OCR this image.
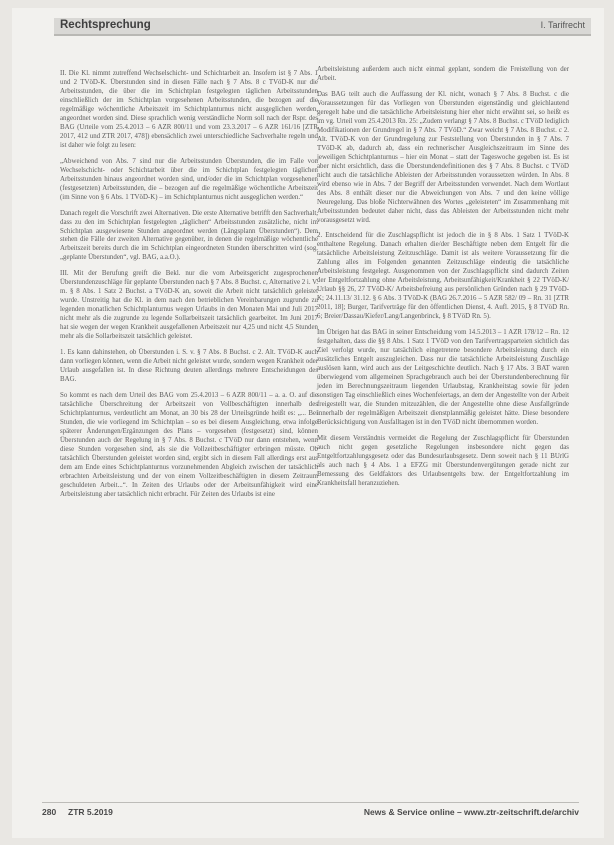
Rechtsprechung	I. Tarifrecht

II. Die Kl. nimmt zutreffend Wechselschicht- und Schichtarbeit an. Insofern ist § 7 Abs. 1 und 2 TVöD-K. Überstunden sind in diesen Fälle nach § 7 Abs. 8 c TVöD-K nur die Arbeitsstunden, die über die im Schichtplan festgelegten täglichen Arbeitsstunden einschließlich der im Schichtplan vorgesehenen Arbeitsstunden, die bezogen auf die regelmäßige wöchentliche Arbeitszeit im Schichtplanturnus nicht ausgeglichen werden, angeordnet worden sind. Diese sprachlich wenig verständliche Norm soll nach der Rspr. des BAG (Urteile vom 25.4.2013 – 6 AZR 800/11 und vom 23.3.2017 – 6 AZR 161/16 [ZTR 2017, 412 und ZTR 2017, 478]) ebensächlich zwei unterschiedliche Sachverhalte regeln und ist daher wie folgt zu lesen:

„Abweichend von Abs. 7 sind nur die Arbeitsstunden Überstunden, die im Falle von Wechselschicht- oder Schichtarbeit über die im Schichtplan festgelegten täglichen Arbeitsstunden hinaus angeordnet worden sind, und/oder die im Schichtplan vorgesehenen (festgesetzten) Arbeitsstunden, die – bezogen auf die regelmäßige wöchentliche Arbeitszeit (im Sinne von § 6 Abs. 1 TVöD-K) – im Schichtplanturnus nicht ausgeglichen werden.“

Danach regelt die Vorschrift zwei Alternativen. Die erste Alternative betrifft den Sachverhalt, dass zu den im Schichtplan festgelegten „täglichen“ Arbeitsstunden zusätzliche, nicht im Schichtplan ausgewiesene Stunden angeordnet werden (Längsplann Überstunden“). Dem stehen die Fälle der zweiten Alternative gegenüber, in denen die regelmäßige wöchentliche Arbeitszeit bereits durch die im Schichtplan eingeordneten Stunden überschritten wird (sog. „geplante Überstunden“, vgl. BAG, a.a.O.).

III. Mit der Berufung greift die Bekl. nur die vom Arbeitsgericht zugesprochenen Überstundenzuschläge für geplante Überstunden nach § 7 Abs. 8 Buchst. c, Alternative 2 i. V. m. § 8 Abs. 1 Satz 2 Buchst. a TVöD-K an, soweit die Arbeit nicht tatsächlich geleistet wurde. Unstreitig hat die Kl. in dem nach den betrieblichen Vereinbarungen zugrunde zu legenden monatlichen Schichtplanturnus wegen Urlaubs in den Monaten Mai und Juli 2017 nicht mehr als die zugrunde zu legende Sollarbeitszeit tatsächlich gearbeitet. Im Juni 2017 hat sie wegen der wegen Krankheit ausgefallenen Arbeitszeit nur 4,25 und nicht 4,5 Stunden mehr als die Sollarbeitszeit tatsächlich geleistet.

1. Es kann dahinstehen, ob Überstunden i. S. v. § 7 Abs. 8 Buchst. c 2. Alt. TVöD-K auch dann vorliegen können, wenn die Arbeit nicht geleistet wurde, sondern wegen Krankheit oder Urlaub ausgefallen ist. In diese Richtung deuten allerdings mehrere Entscheidungen des BAG.

So kommt es nach dem Urteil des BAG vom 25.4.2013 – 6 AZR 800/11 – a. a. O. auf die tatsächliche Überschreitung der Arbeitszeit von Vollbeschäftigten innerhalb des Schichtplanturnus, verdeutlicht am Monat, an 30 bis 28 der Urteilsgründe heißt es: „... Bei Stunden, die wie vorliegend im Schichtplan – so es bei diesem Ausgleichung, etwa infolge späterer Änderungen/Ergänzungen des Plans – vorgesehen (festgesetzt) sind, können Überstunden auch der Regelung in § 7 Abs. 8 Buchst. c TVöD nur dann entstehen, wenn diese Stunden vorgesehen sind, als sie die Vollzeitbeschäftigter erbringen müsste. Ob tatsächlich Überstunden geleistet worden sind, ergibt sich in diesem Fall allerdings erst aus dem am Ende eines Schichtplanturnus vorzunehmenden Abgleich zwischen der tatsächlich erbrachten Arbeitsleistung und der von einem Vollzeitbeschäftigten in diesem Zeitraum geschuldeten Arbeit...“. In Zeiten des Urlaubs oder der Arbeitsunfähigkeit wird eine Arbeitsleistung aber tatsächlich nicht erbracht. Für Zeiten des Urlaubs ist eine

Arbeitsleistung außerdem auch nicht einmal geplant, sondern die Freistellung von der Arbeit.

Das BAG teilt auch die Auffassung der Kl. nicht, wonach § 7 Abs. 8 Buchst. c die Voraussetzungen für das Vorliegen von Überstunden eigenständig und gleichlautend geregelt habe und die tatsächliche Arbeitsleistung hier eher nicht erwähnt sei, so heißt es im vg. Urteil vom 25.4.2013 Rn. 25: „Zudem verlangt § 7 Abs. 8 Buchst. c TVöD lediglich Modifikationen der Grundregel in § 7 Abs. 7 TVöD.“ Zwar weicht § 7 Abs. 8 Buchst. c 2. Alt. TVöD-K von der Grundregelung zur Feststellung von Überstunden in § 7 Abs. 7 TVöD-K ab, dadurch ab, dass ein rechnerischer Ausgleichszeitraum im Sinne des jeweiligen Schichtplanturnus – hier ein Monat – statt der Tageswoche gegeben ist. Es ist aber nicht ersichtlich, dass die Überstundendefinitionen des § 7 Abs. 8 Buchst. c TVöD nicht auch die tatsächliche Ableisten der Arbeitsstunden voraussetzen würden. In Abs. 8 wird ebenso wie in Abs. 7 der Begriff der Arbeitsstunden verwendet. Nach dem Wortlaut des Abs. 8 enthält dieser nur die Abweichungen von Abs. 7 und den keine völlige Neuregelung. Das bloße Nichterwähnen des Wortes „geleisteten“ im Zusammenhang mit Arbeitsstunden bedeutet daher nicht, dass das Ableisten der Arbeitsstunden nicht mehr vorausgesetzt wird.

2. Entscheidend für die Zuschlagspflicht ist jedoch die in § 8 Abs. 1 Satz 1 TVöD-K enthaltene Regelung. Danach erhalten die/der Beschäftigte neben dem Entgelt für die tatsächliche Arbeitsleistung Zeitzuschläge. Damit ist als weitere Voraussetzung für die Zahlung alles im Folgenden genannten Zeitzuschläge eindeutig die tatsächliche Arbeitsleistung festgelegt. Ausgenommen von der Zuschlagspflicht sind dadurch Zeiten der Entgeltfortzahlung ohne Arbeitsleistung, Arbeitsunfähigkeit/Krankheit § 22 TVöD-K/ Urlaub §§ 26, 27 TVöD-K/ Arbeitsbefreiung aus persönlichen Gründen nach § 29 TVöD-K; 24.11.13/ 31.12. § 6 Abs. 3 TVöD-K (BAG 26.7.2016 – 5 AZR 582/ 09 – Rn. 31 [ZTR 2011, 18]; Burger, Tarifverträge für den öffentlichen Dienst, 4. Aufl. 2015, § 8 TVöD Rn. 6; Breier/Dassau/Kiefer/Lang/Langenbrinck, § 8 TVöD Rn. 5).

Im Übrigen hat das BAG in seiner Entscheidung vom 14.5.2013 – 1 AZR 178/12 – Rn. 12 festgehalten, dass die §§ 8 Abs. 1 Satz 1 TVöD von den Tarifvertragsparteien sichtlich das Ziel verfolgt wurde, nur tatsächlich eingetretene besondere Arbeitsleistung durch ein zusätzliches Entgelt auszugleichen. Dass nur die tatsächliche Arbeitsleistung Zuschläge auslösen kann, wird auch aus der Leitgeschichte deutlich. Nach § 17 Abs. 3 BAT waren überwiegend vom allgemeinen Sprachgebrauch auch bei der Überstundenberechnung für jeden im Berechnungszeitraum liegenden Urlaubstag, Krankheitstag sowie für jeden sonstigen Tag einschließlich eines Wochenfeiertags, an dem der Angestellte von der Arbeit freigestellt war, die Stunden mitzuzählen, die der Angestellte ohne diese Ausfallgründe innerhalb der regelmäßigen Arbeitszeit dienstplanmäßig geleistet hätte. Diese besondere Berücksichtigung von Ausfalltagen ist in den TVöD nicht übernommen worden.

Mit diesem Verständnis vermeidet die Regelung der Zuschlagspflicht für Überstunden auch nicht gegen gesetzliche Regelungen insbesondere nicht gegen das Entgeltfortzahlungsgesetz oder das Bundesurlaubsgesetz. Denn soweit nach § 11 BUrlG als auch nach § 4 Abs. 1 a EFZG mit Überstundenvergütungen gerade nicht zur Bemessung des Geldfaktors des Urlaubsentgelts bzw. der Entgeltfortzahlung im Krankheitsfall heranzuziehen.

280 ZTR 5.2019	News & Service online – www.ztr-zeitschrift.de/archiv
